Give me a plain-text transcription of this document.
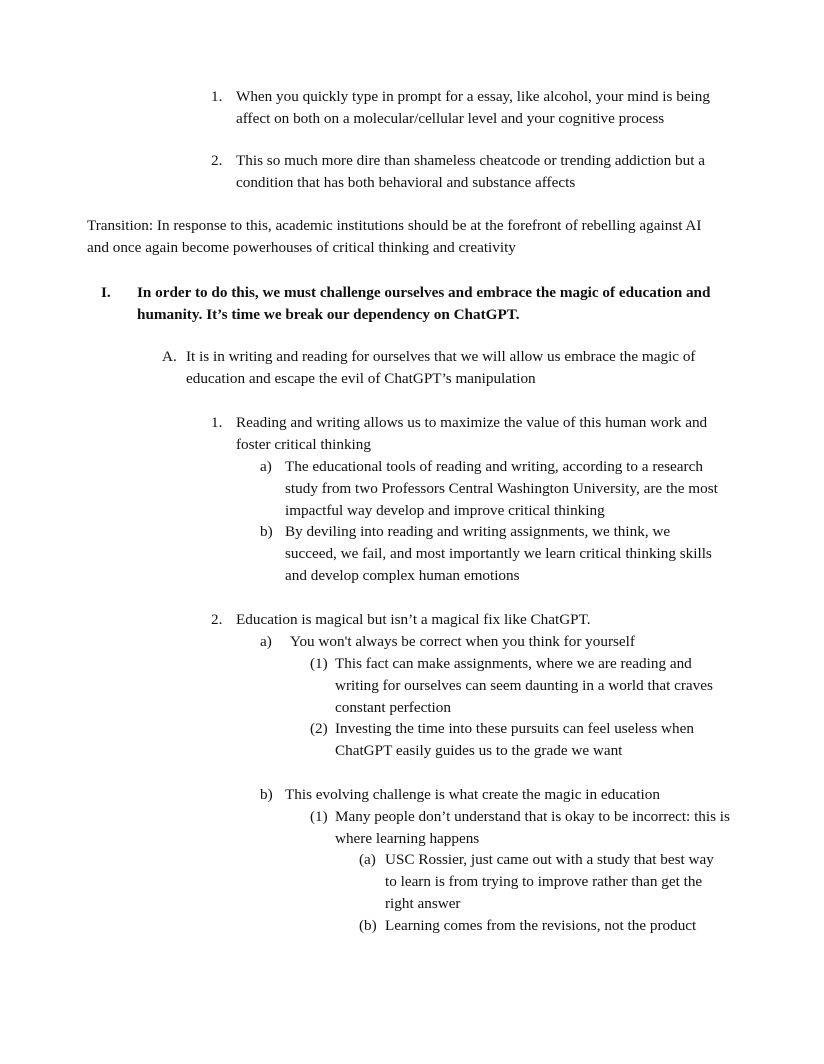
1. When you quickly type in prompt for a essay, like alcohol, your mind is being affect on both on a molecular/cellular level and your cognitive process
2. This so much more dire than shameless cheatcode or trending addiction but a condition that has both behavioral and substance affects
Transition: In response to this, academic institutions should be at the forefront of rebelling against AI and once again become powerhouses of critical thinking and creativity
I. In order to do this, we must challenge ourselves and embrace the magic of education and humanity. It’s time we break our dependency on ChatGPT.
A. It is in writing and reading for ourselves that we will allow us embrace the magic of education and escape the evil of ChatGPT’s manipulation
1. Reading and writing allows us to maximize the value of this human work and foster critical thinking
a) The educational tools of reading and writing, according to a research study from two Professors Central Washington University, are the most impactful way develop and improve critical thinking
b) By deviling into reading and writing assignments, we think, we succeed, we fail, and most importantly we learn critical thinking skills and develop complex human emotions
2. Education is magical but isn’t a magical fix like ChatGPT.
a) You won't always be correct when you think for yourself
(1) This fact can make assignments, where we are reading and writing for ourselves can seem daunting in a world that craves constant perfection
(2) Investing the time into these pursuits can feel useless when ChatGPT easily guides us to the grade we want
b) This evolving challenge is what create the magic in education
(1) Many people don’t understand that is okay to be incorrect: this is where learning happens
(a) USC Rossier, just came out with a study that best way to learn is from trying to improve rather than get the right answer
(b) Learning comes from the revisions, not the product
